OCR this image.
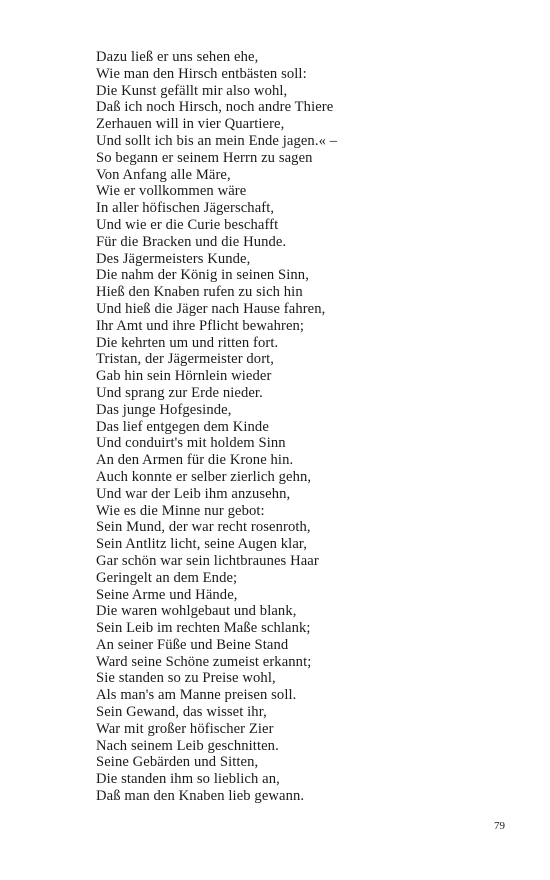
Dazu ließ er uns sehen ehe,
Wie man den Hirsch entbästen soll:
Die Kunst gefällt mir also wohl,
Daß ich noch Hirsch, noch andre Thiere
Zerhauen will in vier Quartiere,
Und sollt ich bis an mein Ende jagen.« –
So begann er seinem Herrn zu sagen
Von Anfang alle Märe,
Wie er vollkommen wäre
In aller höfischen Jägerschaft,
Und wie er die Curie beschafft
Für die Bracken und die Hunde.
Des Jägermeisters Kunde,
Die nahm der König in seinen Sinn,
Hieß den Knaben rufen zu sich hin
Und hieß die Jäger nach Hause fahren,
Ihr Amt und ihre Pflicht bewahren;
Die kehrten um und ritten fort.
Tristan, der Jägermeister dort,
Gab hin sein Hörnlein wieder
Und sprang zur Erde nieder.
Das junge Hofgesinde,
Das lief entgegen dem Kinde
Und conduirt's mit holdem Sinn
An den Armen für die Krone hin.
Auch konnte er selber zierlich gehn,
Und war der Leib ihm anzusehn,
Wie es die Minne nur gebot:
Sein Mund, der war recht rosenroth,
Sein Antlitz licht, seine Augen klar,
Gar schön war sein lichtbraunes Haar
Geringelt an dem Ende;
Seine Arme und Hände,
Die waren wohlgebaut und blank,
Sein Leib im rechten Maße schlank;
An seiner Füße und Beine Stand
Ward seine Schöne zumeist erkannt;
Sie standen so zu Preise wohl,
Als man's am Manne preisen soll.
Sein Gewand, das wisset ihr,
War mit großer höfischer Zier
Nach seinem Leib geschnitten.
Seine Gebärden und Sitten,
Die standen ihm so lieblich an,
Daß man den Knaben lieb gewann.
79
